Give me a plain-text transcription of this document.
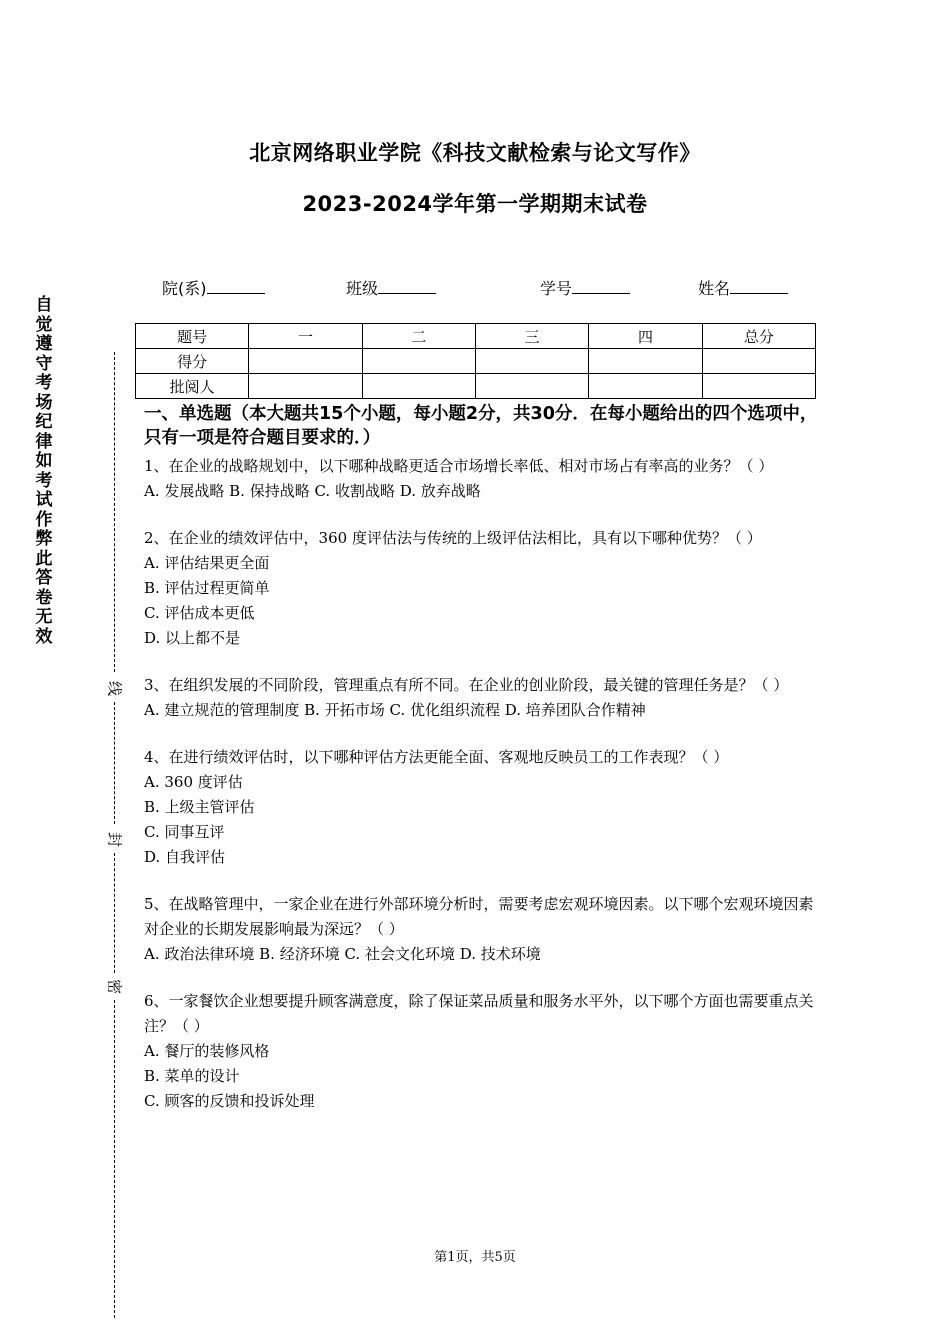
北京网络职业学院《科技文献检索与论文写作》
2023-2024学年第一学期期末试卷
院(系)	班级	学号	姓名
题号	一	二	三	四	总分
得分					
批阅人					
自觉遵守考场纪律如考试作弊此答卷无效
线
封
密

一、单选题（本大题共15个小题，每小题2分，共30分．在每小题给出的四个选项中，只有一项是符合题目要求的．）

1、在企业的战略规划中，以下哪种战略更适合市场增长率低、相对市场占有率高的业务？（ ）
A. 发展战略 B. 保持战略 C. 收割战略 D. 放弃战略
2、在企业的绩效评估中，360 度评估法与传统的上级评估法相比，具有以下哪种优势？（ ）
A. 评估结果更全面
B. 评估过程更简单
C. 评估成本更低
D. 以上都不是
3、在组织发展的不同阶段，管理重点有所不同。在企业的创业阶段，最关键的管理任务是？（ ）
A. 建立规范的管理制度 B. 开拓市场 C. 优化组织流程 D. 培养团队合作精神
4、在进行绩效评估时，以下哪种评估方法更能全面、客观地反映员工的工作表现？（ ）
A. 360 度评估
B. 上级主管评估
C. 同事互评
D. 自我评估
5、在战略管理中，一家企业在进行外部环境分析时，需要考虑宏观环境因素。以下哪个宏观环境因素对企业的长期发展影响最为深远？（ ）
A. 政治法律环境 B. 经济环境 C. 社会文化环境 D. 技术环境
6、一家餐饮企业想要提升顾客满意度，除了保证菜品质量和服务水平外，以下哪个方面也需要重点关注？（ ）
A. 餐厅的装修风格
B. 菜单的设计
C. 顾客的反馈和投诉处理
第1页，共5页
